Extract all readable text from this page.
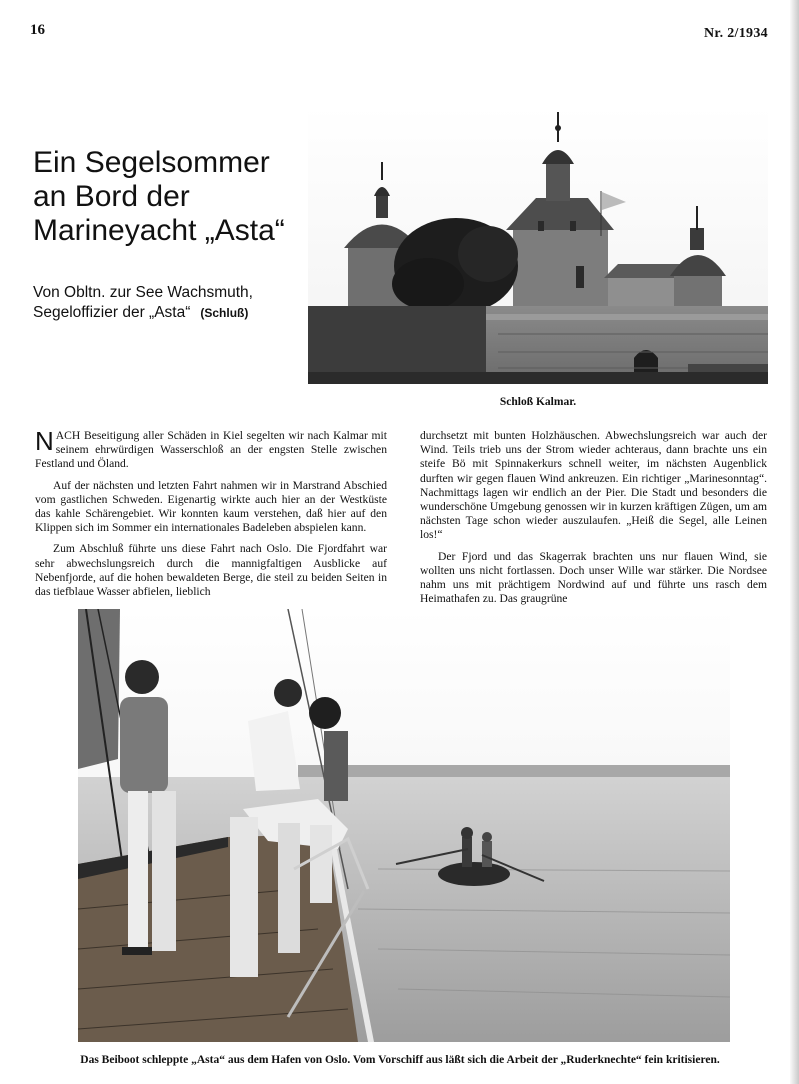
16	Nr. 2/1934
Ein Segelsommer
an Bord der
Marineyacht „Asta“
Von Obltn. zur See Wachsmuth,
Segeloffizier der „Asta“ (Schluß)
Schloß Kalmar.

NACH Beseitigung aller Schäden in Kiel segelten wir nach Kalmar mit seinem ehrwürdigen Wasserschloß an der engsten Stelle zwischen Festland und Öland.

Auf der nächsten und letzten Fahrt nahmen wir in Marstrand Abschied vom gastlichen Schweden. Eigenartig wirkte auch hier an der Westküste das kahle Schärengebiet. Wir konnten kaum verstehen, daß hier auf den Klippen sich im Sommer ein internationales Badeleben abspielen kann.

Zum Abschluß führte uns diese Fahrt nach Oslo. Die Fjordfahrt war sehr abwechslungsreich durch die mannigfaltigen Ausblicke auf Nebenfjorde, auf die hohen bewaldeten Berge, die steil zu beiden Seiten in das tiefblaue Wasser abfielen, lieblich

durchsetzt mit bunten Holzhäuschen. Abwechslungsreich war auch der Wind. Teils trieb uns der Strom wieder achteraus, dann brachte uns ein steife Bö mit Spinnakerkurs schnell weiter, im nächsten Augenblick durften wir gegen flauen Wind ankreuzen. Ein richtiger „Marinesonntag“. Nachmittags lagen wir endlich an der Pier. Die Stadt und besonders die wunderschöne Umgebung genossen wir in kurzen kräftigen Zügen, um am nächsten Tage schon wieder auszulaufen. „Heiß die Segel, alle Leinen los!“

Der Fjord und das Skagerrak brachten uns nur flauen Wind, sie wollten uns nicht fortlassen. Doch unser Wille war stärker. Die Nordsee nahm uns mit prächtigem Nordwind auf und führte uns rasch dem Heimathafen zu. Das graugrüne

Das Beiboot schleppte „Asta“ aus dem Hafen von Oslo. Vom Vorschiff aus läßt sich die Arbeit der „Ruderknechte“ fein kritisieren.
